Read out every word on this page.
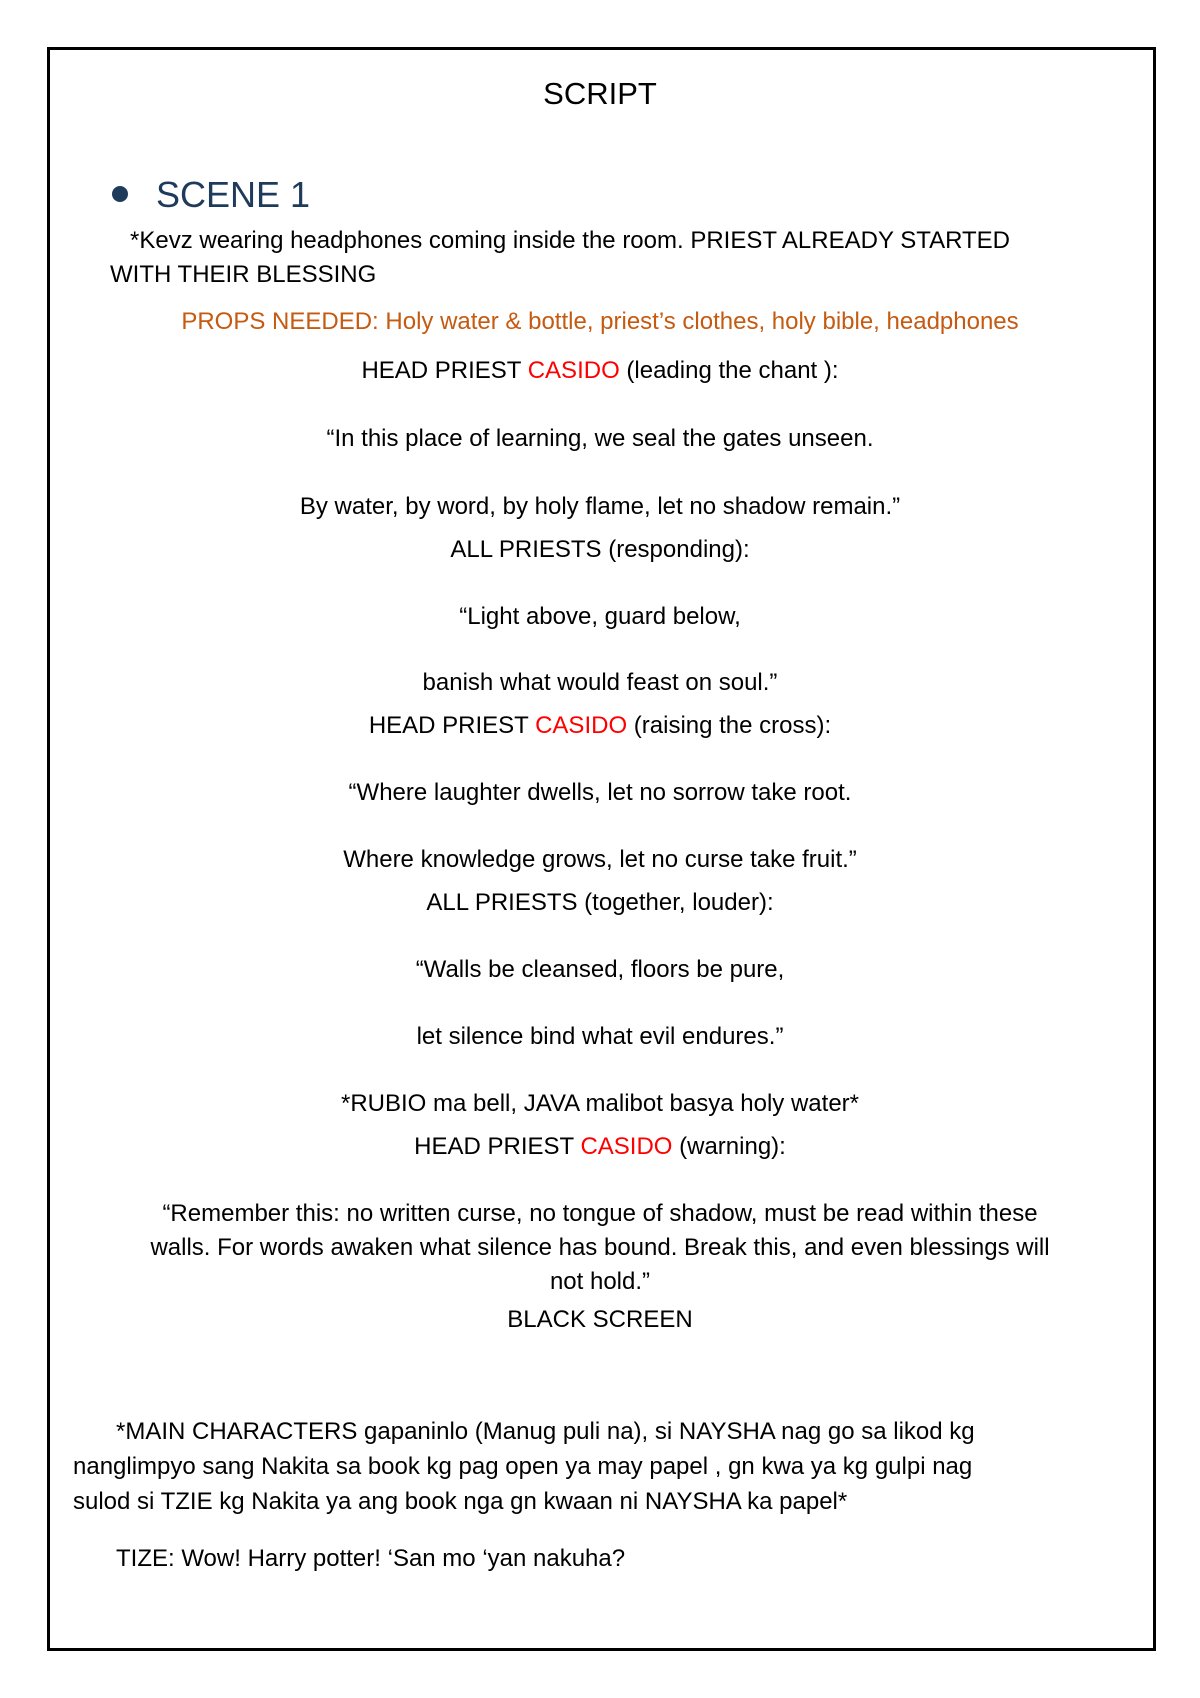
SCRIPT
SCENE 1
*Kevz wearing headphones coming inside the room. PRIEST ALREADY STARTED
WITH THEIR BLESSING
PROPS NEEDED: Holy water & bottle, priest’s clothes, holy bible, headphones
HEAD PRIEST CASIDO (leading the chant ):
“In this place of learning, we seal the gates unseen.
By water, by word, by holy flame, let no shadow remain.”
ALL PRIESTS (responding):
“Light above, guard below,
banish what would feast on soul.”
HEAD PRIEST CASIDO (raising the cross):
“Where laughter dwells, let no sorrow take root.
Where knowledge grows, let no curse take fruit.”
ALL PRIESTS (together, louder):
“Walls be cleansed, floors be pure,
let silence bind what evil endures.”
*RUBIO ma bell, JAVA malibot basya holy water*
HEAD PRIEST CASIDO (warning):
“Remember this: no written curse, no tongue of shadow, must be read within these
walls. For words awaken what silence has bound. Break this, and even blessings will
not hold.”
BLACK SCREEN
*MAIN CHARACTERS gapaninlo (Manug puli na), si NAYSHA nag go sa likod kg
nanglimpyo sang Nakita sa book kg pag open ya may papel , gn kwa ya kg gulpi nag
sulod si TZIE kg Nakita ya ang book nga gn kwaan ni NAYSHA ka papel*
TIZE: Wow! Harry potter! ‘San mo ‘yan nakuha?
